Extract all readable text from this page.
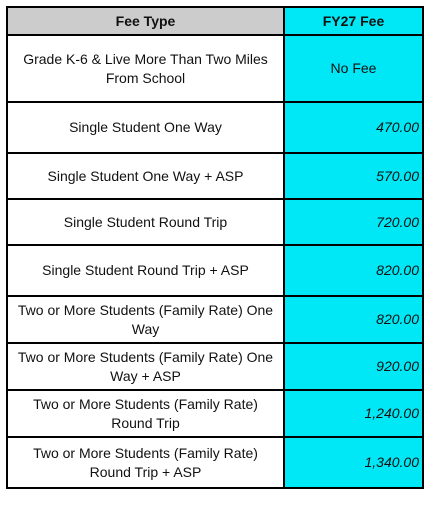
Fee Type	FY27 Fee
Grade K-6 & Live More Than Two Miles From School	No Fee
Single Student One Way	470.00
Single Student One Way + ASP	570.00
Single Student Round Trip	720.00
Single Student Round Trip + ASP	820.00
Two or More Students (Family Rate) One Way	820.00
Two or More Students (Family Rate) One Way + ASP	920.00
Two or More Students (Family Rate) Round Trip	1,240.00
Two or More Students (Family Rate) Round Trip + ASP	1,340.00
